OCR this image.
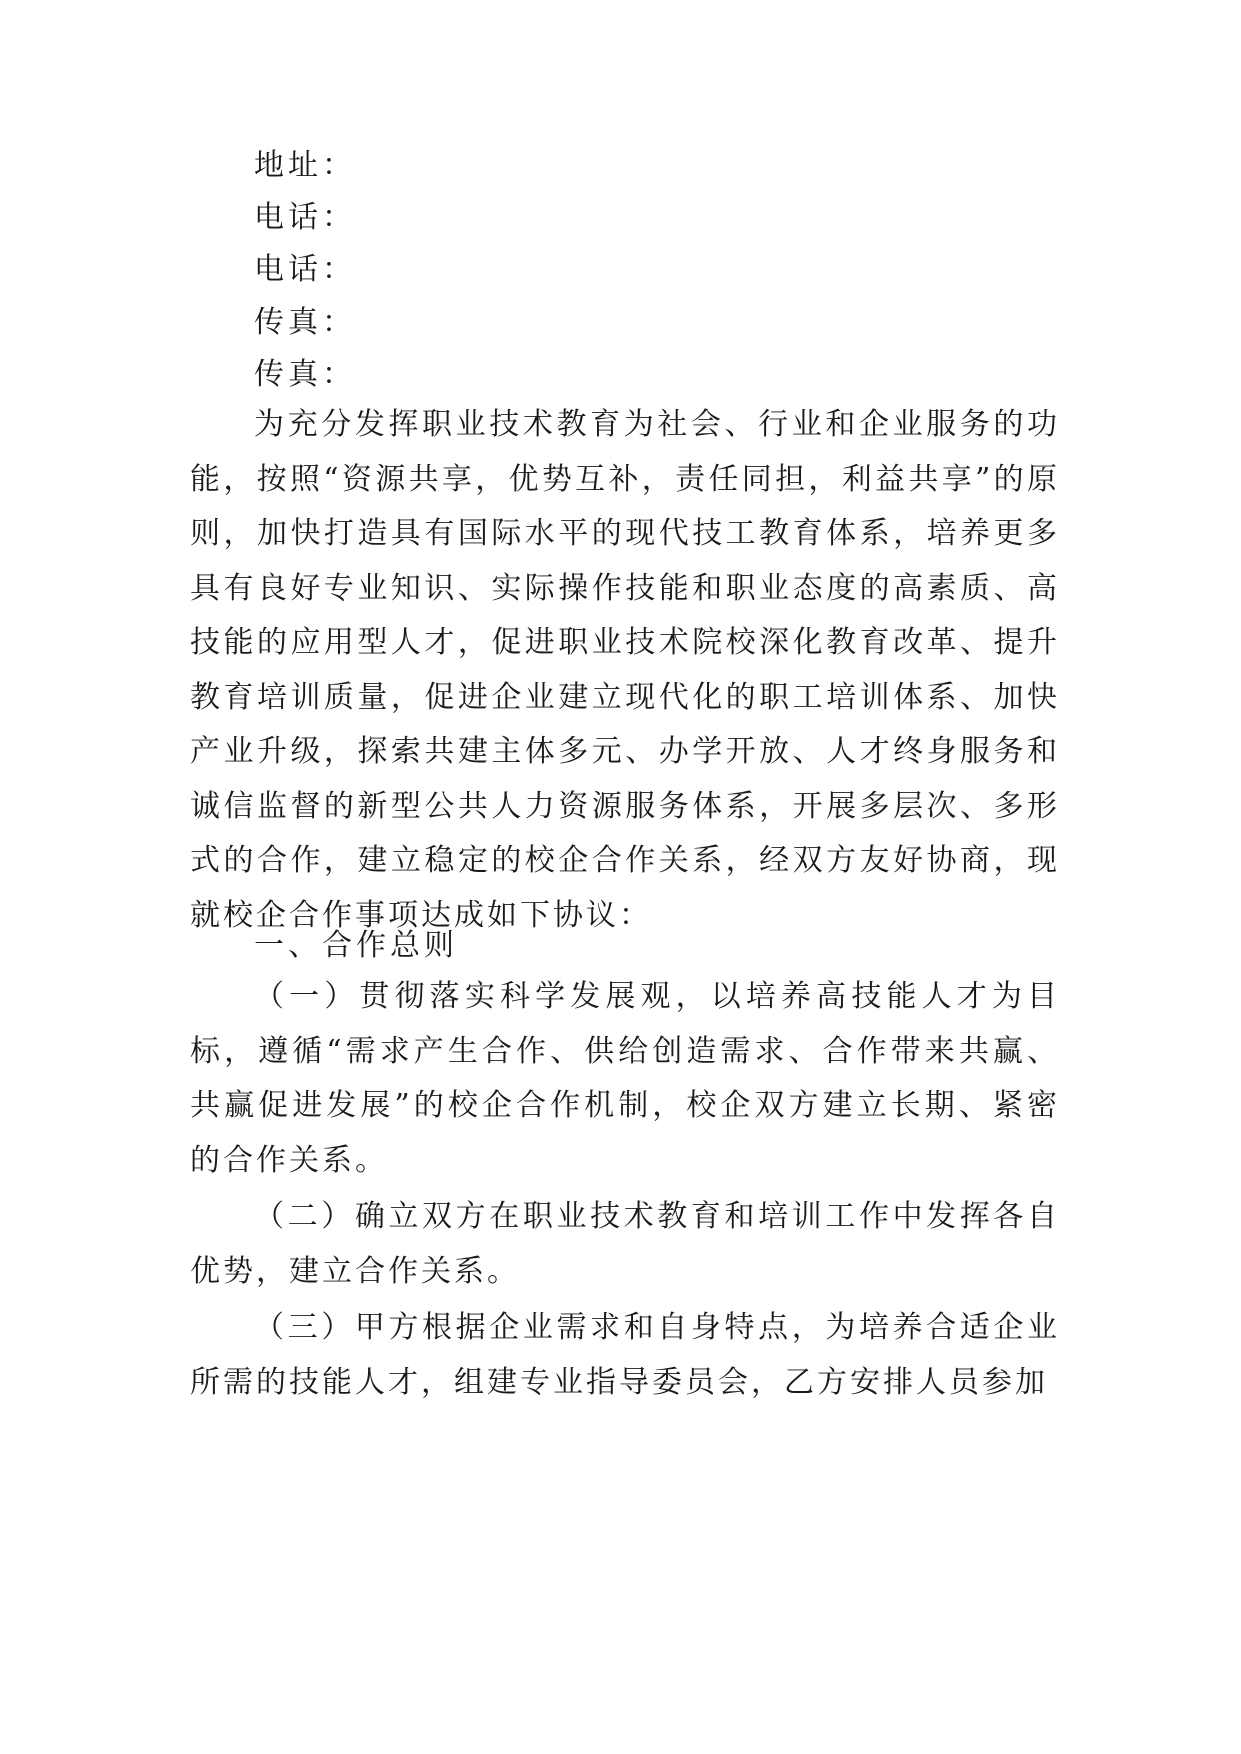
地址：
电话：
电话：
传真：
传真：

为充分发挥职业技术教育为社会、行业和企业服务的功能，按照“资源共享，优势互补，责任同担，利益共享”的原则，加快打造具有国际水平的现代技工教育体系，培养更多具有良好专业知识、实际操作技能和职业态度的高素质、高技能的应用型人才，促进职业技术院校深化教育改革、提升教育培训质量，促进企业建立现代化的职工培训体系、加快产业升级，探索共建主体多元、办学开放、人才终身服务和诚信监督的新型公共人力资源服务体系，开展多层次、多形式的合作，建立稳定的校企合作关系，经双方友好协商，现就校企合作事项达成如下协议：

一、合作总则

（一）贯彻落实科学发展观，以培养高技能人才为目标，遵循“需求产生合作、供给创造需求、合作带来共赢、共赢促进发展”的校企合作机制，校企双方建立长期、紧密的合作关系。

（二）确立双方在职业技术教育和培训工作中发挥各自优势，建立合作关系。

（三）甲方根据企业需求和自身特点，为培养合适企业所需的技能人才，组建专业指导委员会，乙方安排人员参加
